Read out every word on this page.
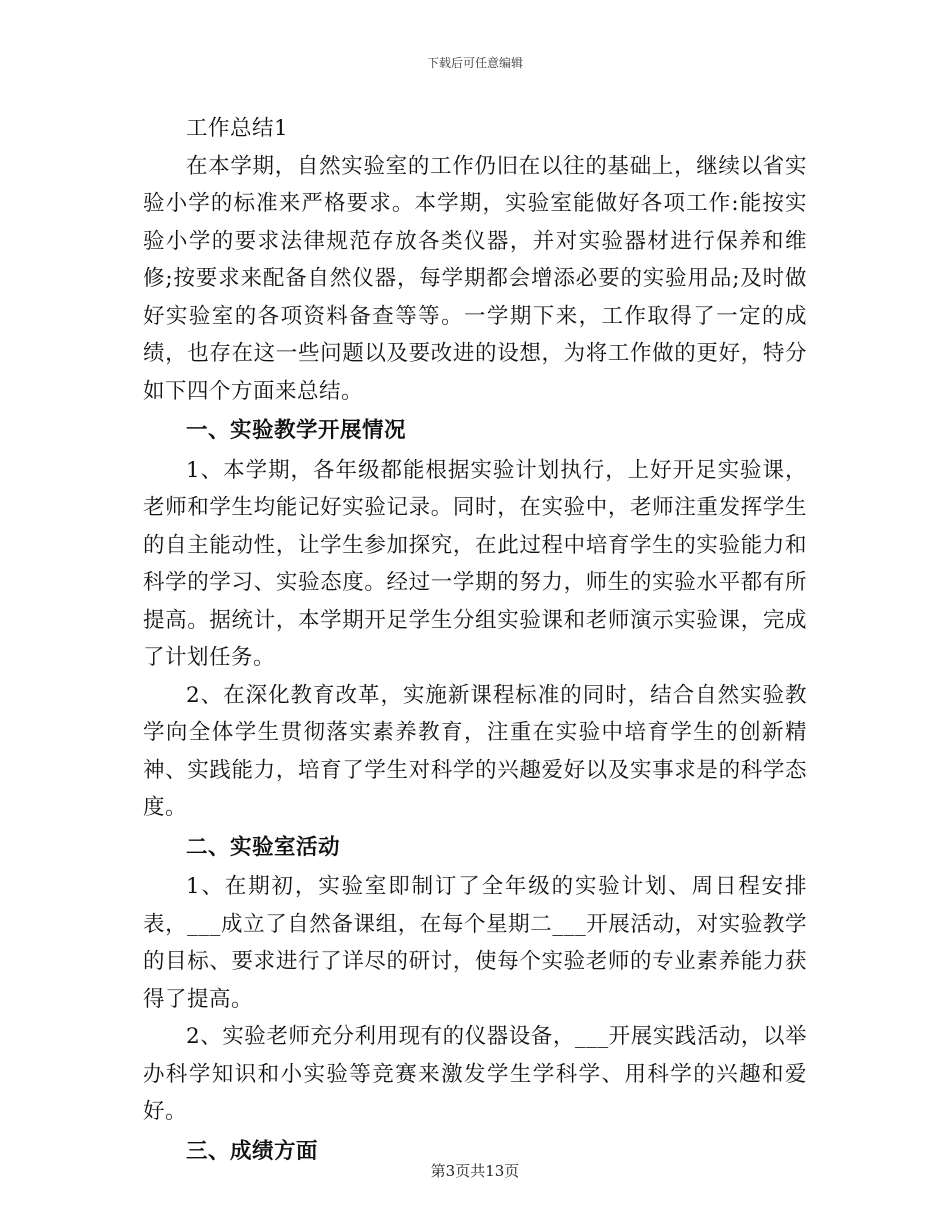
下载后可任意编辑

工作总结1

在本学期，自然实验室的工作仍旧在以往的基础上，继续以省实验小学的标准来严格要求。本学期，实验室能做好各项工作:能按实验小学的要求法律规范存放各类仪器，并对实验器材进行保养和维修;按要求来配备自然仪器，每学期都会增添必要的实验用品;及时做好实验室的各项资料备查等等。一学期下来，工作取得了一定的成绩，也存在这一些问题以及要改进的设想，为将工作做的更好，特分如下四个方面来总结。

一、实验教学开展情况

1、本学期，各年级都能根据实验计划执行，上好开足实验课，老师和学生均能记好实验记录。同时，在实验中，老师注重发挥学生的自主能动性，让学生参加探究，在此过程中培育学生的实验能力和科学的学习、实验态度。经过一学期的努力，师生的实验水平都有所提高。据统计，本学期开足学生分组实验课和老师演示实验课，完成了计划任务。

2、在深化教育改革，实施新课程标准的同时，结合自然实验教学向全体学生贯彻落实素养教育，注重在实验中培育学生的创新精神、实践能力，培育了学生对科学的兴趣爱好以及实事求是的科学态度。

二、实验室活动

1、在期初，实验室即制订了全年级的实验计划、周日程安排表，___成立了自然备课组，在每个星期二___开展活动，对实验教学的目标、要求进行了详尽的研讨，使每个实验老师的专业素养能力获得了提高。

2、实验老师充分利用现有的仪器设备，___开展实践活动，以举办科学知识和小实验等竞赛来激发学生学科学、用科学的兴趣和爱好。

三、成绩方面

第3页共13页
